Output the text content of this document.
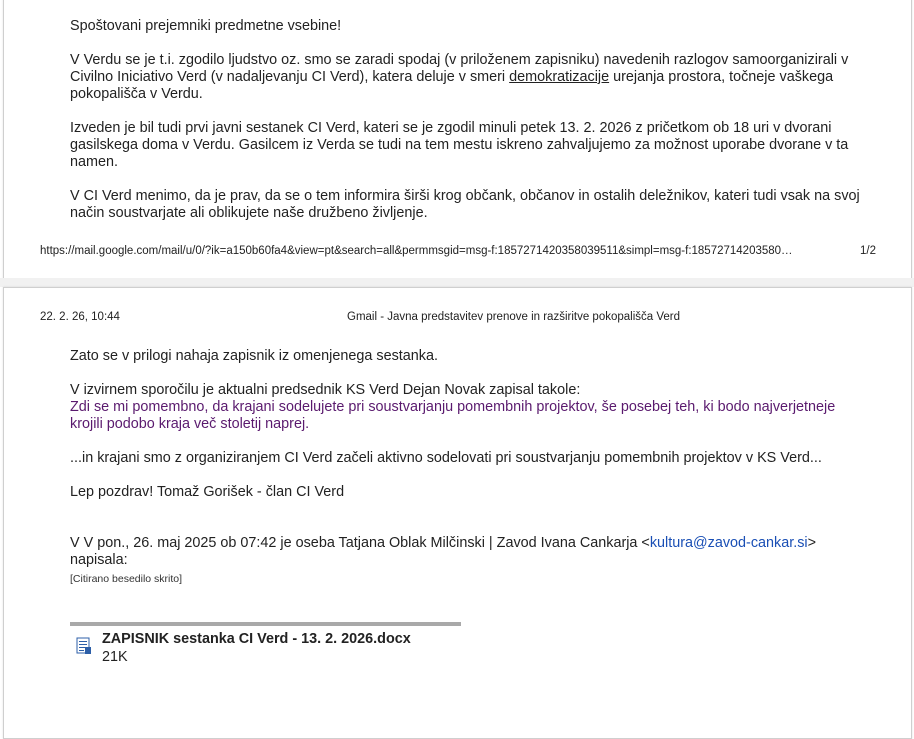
Spoštovani prejemniki predmetne vsebine!

V Verdu se je t.i. zgodilo ljudstvo oz. smo se zaradi spodaj (v priloženem zapisniku) navedenih razlogov samoorganizirali v Civilno Iniciativo Verd (v nadaljevanju CI Verd), katera deluje v smeri demokratizacije urejanja prostora, točneje vaškega pokopališča v Verdu.

Izveden je bil tudi prvi javni sestanek CI Verd, kateri se je zgodil minuli petek 13. 2. 2026 z pričetkom ob 18 uri v dvorani gasilskega doma v Verdu. Gasilcem iz Verda se tudi na tem mestu iskreno zahvaljujemo za možnost uporabe dvorane v ta namen.

V CI Verd menimo, da je prav, da se o tem informira širši krog občank, občanov in ostalih deležnikov, kateri tudi vsak na svoj način soustvarjate ali oblikujete naše družbeno življenje.

https://mail.google.com/mail/u/0/?ik=a150b60fa4&view=pt&search=all&permmsgid=msg-f:1857271420358039511&simpl=msg-f:18572714203580…	1/2
22. 2. 26, 10:44	Gmail - Javna predstavitev prenove in razširitve pokopališča Verd

Zato se v prilogi nahaja zapisnik iz omenjenega sestanka.

V izvirnem sporočilu je aktualni predsednik KS Verd Dejan Novak zapisal takole:

Zdi se mi pomembno, da krajani sodelujete pri soustvarjanju pomembnih projektov, še posebej teh, ki bodo najverjetneje krojili podobo kraja več stoletij naprej.

...in krajani smo z organiziranjem CI Verd začeli aktivno sodelovati pri soustvarjanju pomembnih projektov v KS Verd...

Lep pozdrav! Tomaž Gorišek - član CI Verd

V V pon., 26. maj 2025 ob 07:42 je oseba Tatjana Oblak Milčinski | Zavod Ivana Cankarja <kultura@zavod-cankar.si> napisala:

[Citirano besedilo skrito]

ZAPISNIK sestanka CI Verd - 13. 2. 2026.docx
21K
